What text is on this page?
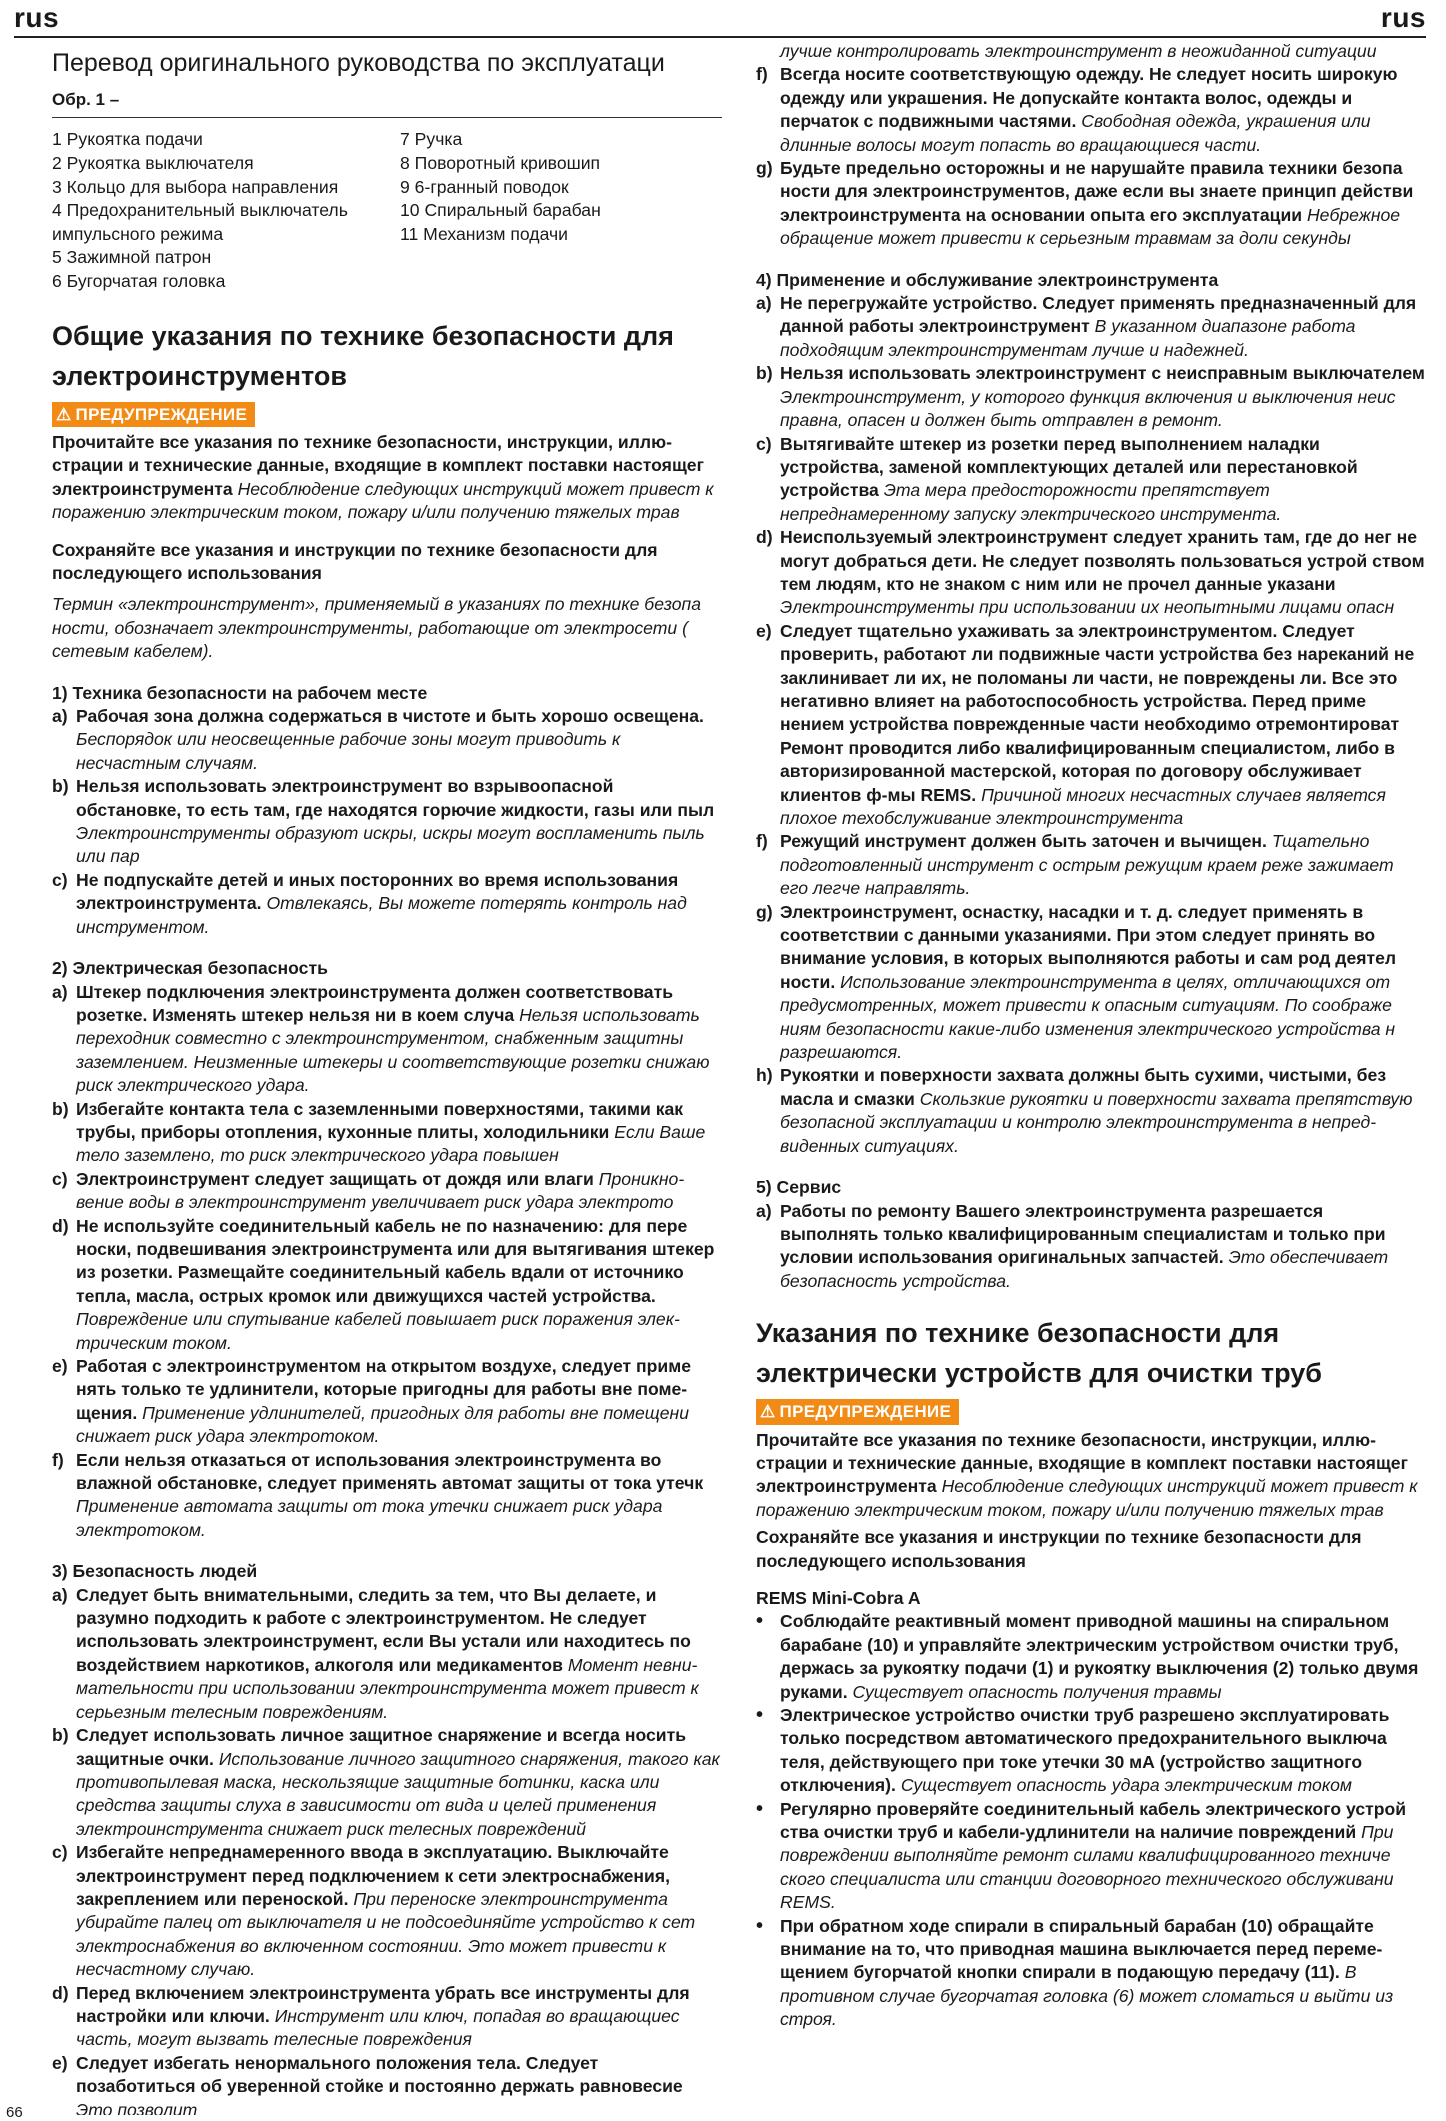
rus	rus
Перевод оригинального руководства по эксплуатаци
Обр. 1 –
1 Рукоятка подачи	7 Ручка
2 Рукоятка выключателя	8 Поворотный кривошип
3 Кольцо для выбора направления	9 6-гранный поводок
4 Предохранительный выключатель	10 Спиральный барабан
импульсного режима	11 Механизм подачи
5 Зажимной патрон
6 Бугорчатая головка
Общие указания по технике безопасности для электроинструментов
⚠ ПРЕДУПРЕЖДЕНИЕ

Прочитайте все указания по технике безопасности, инструкции, иллюстрации и технические данные, входящие в комплект поставки настоящег электроинструмента Несоблюдение следующих инструкций может привест к поражению электрическим током, пожару и/или получению тяжелых трав

Сохраняйте все указания и инструкции по технике безопасности для последующего использования

Термин «электроинструмент», применяемый в указаниях по технике безопа ности, обозначает электроинструменты, работающие от электросети ( сетевым кабелем).

1) Техника безопасности на рабочем месте

a) Рабочая зона должна содержаться в чистоте и быть хорошо освещена. Беспорядок или неосвещенные рабочие зоны могут приводить к несчастным случаям.
b) Нельзя использовать электроинструмент во взрывоопасной обстановке, то есть там, где находятся горючие жидкости, газы или пыл Электроинструменты образуют искры, искры могут воспламенить пыль или пар
c) Не подпускайте детей и иных посторонних во время использования электроинструмента. Отвлекаясь, Вы можете потерять контроль над инструментом.

2) Электрическая безопасность

a) Штекер подключения электроинструмента должен соответствовать розетке. Изменять штекер нельзя ни в коем случа Нельзя использовать переходник совместно с электроинструментом, снабженным защитны заземлением. Неизменные штекеры и соответствующие розетки снижаю риск электрического удара.
b) Избегайте контакта тела с заземленными поверхностями, такими как трубы, приборы отопления, кухонные плиты, холодильники Если Ваше тело заземлено, то риск электрического удара повышен
c) Электроинструмент следует защищать от дождя или влаги Проникновение воды в электроинструмент увеличивает риск удара электрото
d) Не используйте соединительный кабель не по назначению: для пере носки, подвешивания электроинструмента или для вытягивания штекер из розетки. Размещайте соединительный кабель вдали от источнико тепла, масла, острых кромок или движущихся частей устройства. Повреждение или спутывание кабелей повышает риск поражения электрическим током.
e) Работая с электроинструментом на открытом воздухе, следует приме нять только те удлинители, которые пригодны для работы вне помещения. Применение удлинителей, пригодных для работы вне помещени снижает риск удара электротоком.
f) Если нельзя отказаться от использования электроинструмента во влажной обстановке, следует применять автомат защиты от тока утечк Применение автомата защиты от тока утечки снижает риск удара электротоком.

3) Безопасность людей

a) Следует быть внимательными, следить за тем, что Вы делаете, и разумно подходить к работе с электроинструментом. Не следует использовать электроинструмент, если Вы устали или находитесь по воздействием наркотиков, алкоголя или медикаментов Момент невнимательности при использовании электроинструмента может привест к серьезным телесным повреждениям.
b) Следует использовать личное защитное снаряжение и всегда носить защитные очки. Использование личного защитного снаряжения, такого как противопылевая маска, нескользящие защитные ботинки, каска или средства защиты слуха в зависимости от вида и целей применения электроинструмента снижает риск телесных повреждений
c) Избегайте непреднамеренного ввода в эксплуатацию. Выключайте электроинструмент перед подключением к сети электроснабжения, закреплением или переноской. При переноске электроинструмента убирайте палец от выключателя и не подсоединяйте устройство к сет электроснабжения во включенном состоянии. Это может привести к несчастному случаю.
d) Перед включением электроинструмента убрать все инструменты для настройки или ключи. Инструмент или ключ, попадая во вращающиес часть, могут вызвать телесные повреждения
e) Следует избегать ненормального положения тела. Следует позаботиться об уверенной стойке и постоянно держать равновесие Это позволит

лучше контролировать электроинструмент в неожиданной ситуации

f) Всегда носите соответствующую одежду. Не следует носить широкую одежду или украшения. Не допускайте контакта волос, одежды и перчаток с подвижными частями. Свободная одежда, украшения или длинные волосы могут попасть во вращающиеся части.
g) Будьте предельно осторожны и не нарушайте правила техники безопа ности для электроинструментов, даже если вы знаете принцип действи электроинструмента на основании опыта его эксплуатации Небрежное обращение может привести к серьезным травмам за доли секунды

4) Применение и обслуживание электроинструмента

a) Не перегружайте устройство. Следует применять предназначенный для данной работы электроинструмент В указанном диапазоне работа подходящим электроинструментам лучше и надежней.
b) Нельзя использовать электроинструмент с неисправным выключателем Электроинструмент, у которого функция включения и выключения неис правна, опасен и должен быть отправлен в ремонт.
c) Вытягивайте штекер из розетки перед выполнением наладки устройства, заменой комплектующих деталей или перестановкой устройства Эта мера предосторожности препятствует непреднамеренному запуску электрического инструмента.
d) Неиспользуемый электроинструмент следует хранить там, где до нег не могут добраться дети. Не следует позволять пользоваться устрой ством тем людям, кто не знаком с ним или не прочел данные указани Электроинструменты при использовании их неопытными лицами опасн
e) Следует тщательно ухаживать за электроинструментом. Следует проверить, работают ли подвижные части устройства без нареканий не заклинивает ли их, не поломаны ли части, не повреждены ли. Все это негативно влияет на работоспособность устройства. Перед приме нением устройства поврежденные части необходимо отремонтироват Ремонт проводится либо квалифицированным специалистом, либо в авторизированной мастерской, которая по договору обслуживает клиентов ф-мы REMS. Причиной многих несчастных случаев является плохое техобслуживание электроинструмента
f) Режущий инструмент должен быть заточен и вычищен. Тщательно подготовленный инструмент с острым режущим краем реже зажимает его легче направлять.
g) Электроинструмент, оснастку, насадки и т. д. следует применять в соответствии с данными указаниями. При этом следует принять во внимание условия, в которых выполняются работы и сам род деятел ности. Использование электроинструмента в целях, отличающихся от предусмотренных, может привести к опасным ситуациям. По соображе ниям безопасности какие-либо изменения электрического устройства н разрешаются.
h) Рукоятки и поверхности захвата должны быть сухими, чистыми, без масла и смазки Скользкие рукоятки и поверхности захвата препятствую безопасной эксплуатации и контролю электроинструмента в непредвиденных ситуациях.

5) Сервис

a) Работы по ремонту Вашего электроинструмента разрешается выполнять только квалифицированным специалистам и только при условии использования оригинальных запчастей. Это обеспечивает безопасность устройства.
Указания по технике безопасности для электрически устройств для очистки труб
⚠ ПРЕДУПРЕЖДЕНИЕ

Прочитайте все указания по технике безопасности, инструкции, иллюстрации и технические данные, входящие в комплект поставки настоящег электроинструмента Несоблюдение следующих инструкций может привест к поражению электрическим током, пожару и/или получению тяжелых трав

Сохраняйте все указания и инструкции по технике безопасности для последующего использования

REMS Mini-Cobra A

• Соблюдайте реактивный момент приводной машины на спиральном барабане (10) и управляйте электрическим устройством очистки труб, держась за рукоятку подачи (1) и рукоятку выключения (2) только двумя руками. Существует опасность получения травмы
• Электрическое устройство очистки труб разрешено эксплуатировать только посредством автоматического предохранительного выключа теля, действующего при токе утечки 30 мА (устройство защитного отключения). Существует опасность удара электрическим током
• Регулярно проверяйте соединительный кабель электрического устрой ства очистки труб и кабели-удлинители на наличие повреждений При повреждении выполняйте ремонт силами квалифицированного техниче ского специалиста или станции договорного технического обслуживани REMS.
• При обратном ходе спирали в спиральный барабан (10) обращайте внимание на то, что приводная машина выключается перед перемещением бугорчатой кнопки спирали в подающую передачу (11). В противном случае бугорчатая головка (6) может сломаться и выйти из строя.
66
